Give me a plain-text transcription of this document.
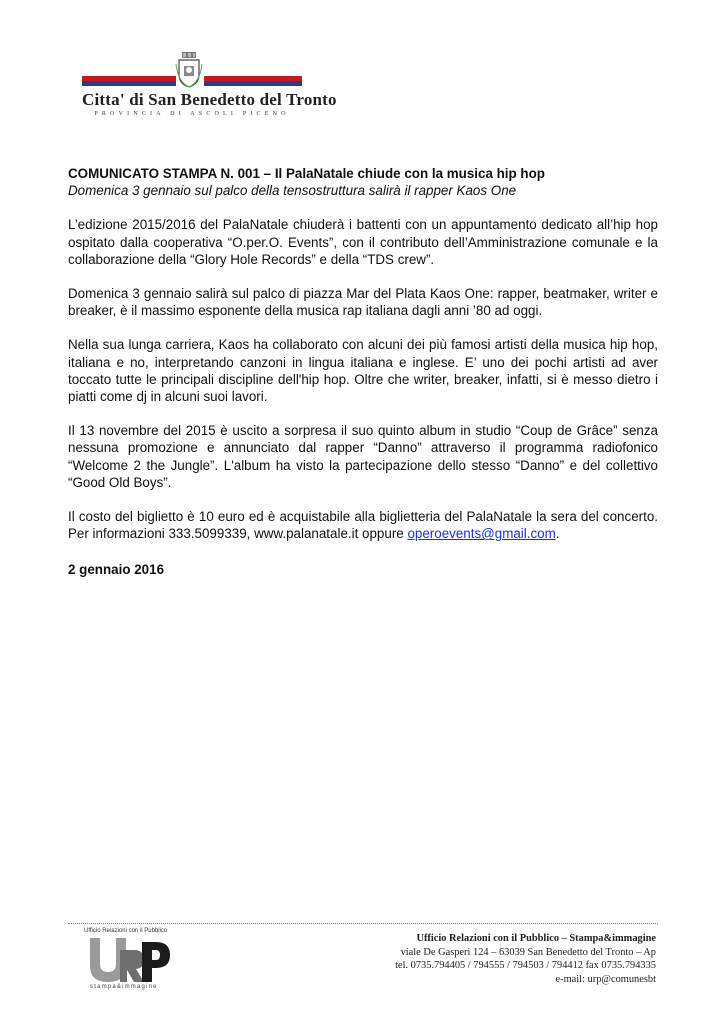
Citta' di San Benedetto del Tronto
PROVINCIA DI ASCOLI PICENO

COMUNICATO STAMPA N. 001 – Il PalaNatale chiude con la musica hip hop

Domenica 3 gennaio sul palco della tensostruttura salirà il rapper Kaos One

L’edizione 2015/2016 del PalaNatale chiuderà i battenti con un appuntamento dedicato all’hip hop ospitato dalla cooperativa “O.per.O. Events”, con il contributo dell’Amministrazione comunale e la collaborazione della “Glory Hole Records” e della “TDS crew”.

Domenica 3 gennaio salirà sul palco di piazza Mar del Plata Kaos One: rapper, beatmaker, writer e breaker, è il massimo esponente della musica rap italiana dagli anni ’80 ad oggi.

Nella sua lunga carriera, Kaos ha collaborato con alcuni dei più famosi artisti della musica hip hop, italiana e no, interpretando canzoni in lingua italiana e inglese. E’ uno dei pochi artisti ad aver toccato tutte le principali discipline dell'hip hop. Oltre che writer, breaker, infatti, si è messo dietro i piatti come dj in alcuni suoi lavori.

Il 13 novembre del 2015 è uscito a sorpresa il suo quinto album in studio “Coup de Grâce” senza nessuna promozione e annunciato dal rapper “Danno” attraverso il programma radiofonico “Welcome 2 the Jungle”. L'album ha visto la partecipazione dello stesso “Danno” e del collettivo “Good Old Boys”.

Il costo del biglietto è 10 euro ed è acquistabile alla biglietteria del PalaNatale la sera del concerto. Per informazioni 333.5099339, www.palanatale.it oppure operoevents@gmail.com.

2 gennaio 2016
Ufficio Relazioni con il Pubblico
stampa&immagine
Ufficio Relazioni con il Pubblico – Stampa&immagine
viale De Gasperi 124 – 63039 San Benedetto del Tronto – Ap
tel. 0735.794405 / 794555 / 794503 / 794412 fax 0735.794335
e-mail: urp@comunesbt
